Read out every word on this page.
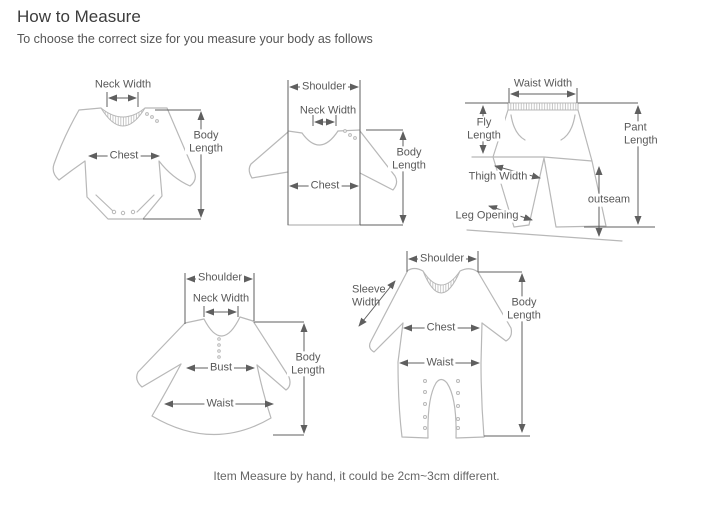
How to Measure
To choose the correct size for you measure your body as follows
Neck Width
Chest
Body Length
Shoulder
Neck Width
Chest
Body Length
Waist Width
Fly Length
Pant Length
Thigh Width
outseam
Leg Opening
Shoulder
Neck Width
Bust
Waist
Body Length
Shoulder
Sleeve Width
Chest
Waist
Body Length
Item Measure by hand, it could be 2cm~3cm different.
